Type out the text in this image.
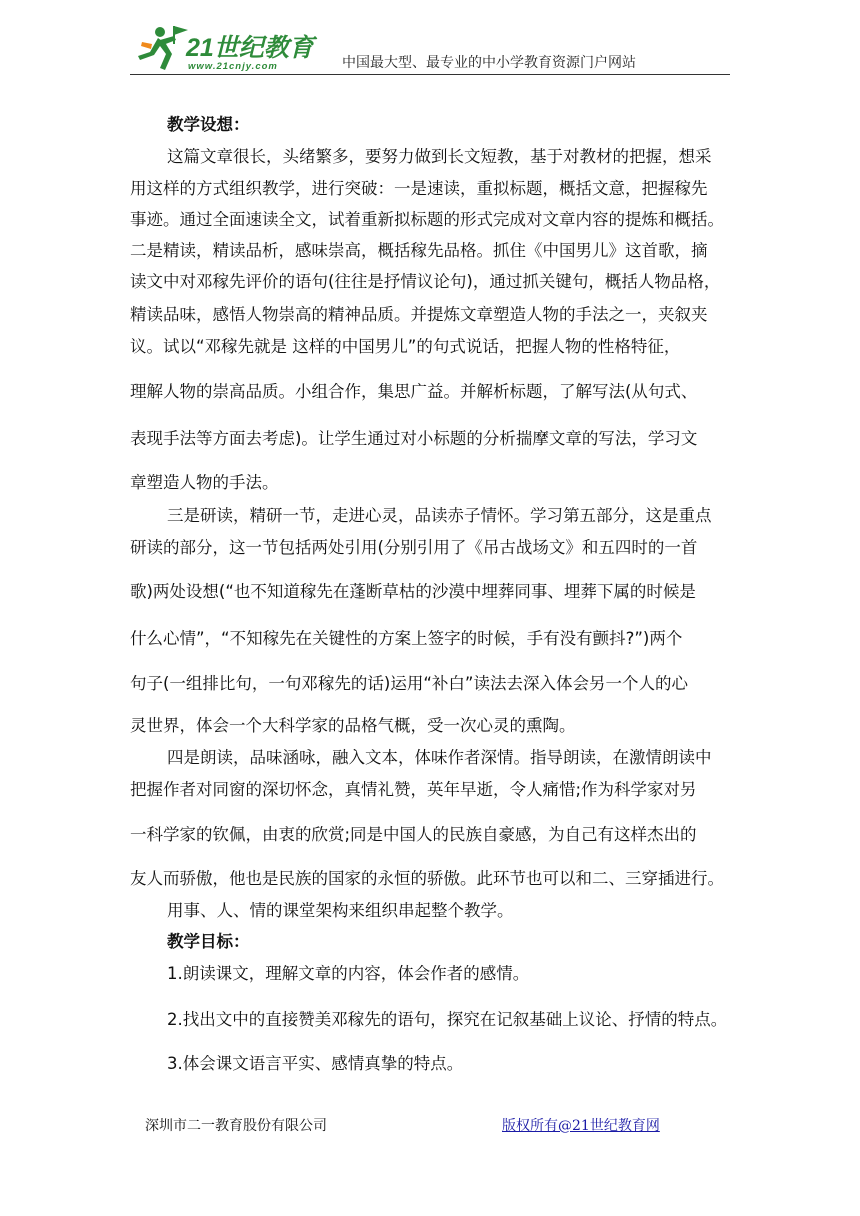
21世纪教育
www.21cnjy.com	中国最大型、最专业的中小学教育资源门户网站
教学设想：
这篇文章很长，头绪繁多，要努力做到长文短教，基于对教材的把握，想采
用这样的方式组织教学，进行突破：一是速读，重拟标题，概括文意，把握稼先
事迹。通过全面速读全文，试着重新拟标题的形式完成对文章内容的提炼和概括。
二是精读，精读品析，感味崇高，概括稼先品格。抓住《中国男儿》这首歌，摘
读文中对邓稼先评价的语句(往往是抒情议论句)，通过抓关键句，概括人物品格，
精读品味，感悟人物崇高的精神品质。并提炼文章塑造人物的手法之一，夹叙夹
议。试以“邓稼先就是 这样的中国男儿”的句式说话，把握人物的性格特征，
理解人物的崇高品质。小组合作，集思广益。并解析标题，了解写法(从句式、
表现手法等方面去考虑)。让学生通过对小标题的分析揣摩文章的写法，学习文
章塑造人物的手法。
三是研读，精研一节，走进心灵，品读赤子情怀。学习第五部分，这是重点
研读的部分，这一节包括两处引用(分别引用了《吊古战场文》和五四时的一首
歌)两处设想(“也不知道稼先在蓬断草枯的沙漠中埋葬同事、埋葬下属的时候是
什么心情”，“不知稼先在关键性的方案上签字的时候，手有没有颤抖?”)两个
句子(一组排比句，一句邓稼先的话)运用“补白”读法去深入体会另一个人的心
灵世界，体会一个大科学家的品格气概，受一次心灵的熏陶。
四是朗读，品味涵咏，融入文本，体味作者深情。指导朗读，在激情朗读中
把握作者对同窗的深切怀念，真情礼赞，英年早逝，令人痛惜;作为科学家对另
一科学家的钦佩，由衷的欣赏;同是中国人的民族自豪感，为自己有这样杰出的
友人而骄傲，他也是民族的国家的永恒的骄傲。此环节也可以和二、三穿插进行。
用事、人、情的课堂架构来组织串起整个教学。
教学目标：
1.朗读课文，理解文章的内容，体会作者的感情。
2.找出文中的直接赞美邓稼先的语句，探究在记叙基础上议论、抒情的特点。
3.体会课文语言平实、感情真挚的特点。
深圳市二一教育股份有限公司	版权所有@21世纪教育网
